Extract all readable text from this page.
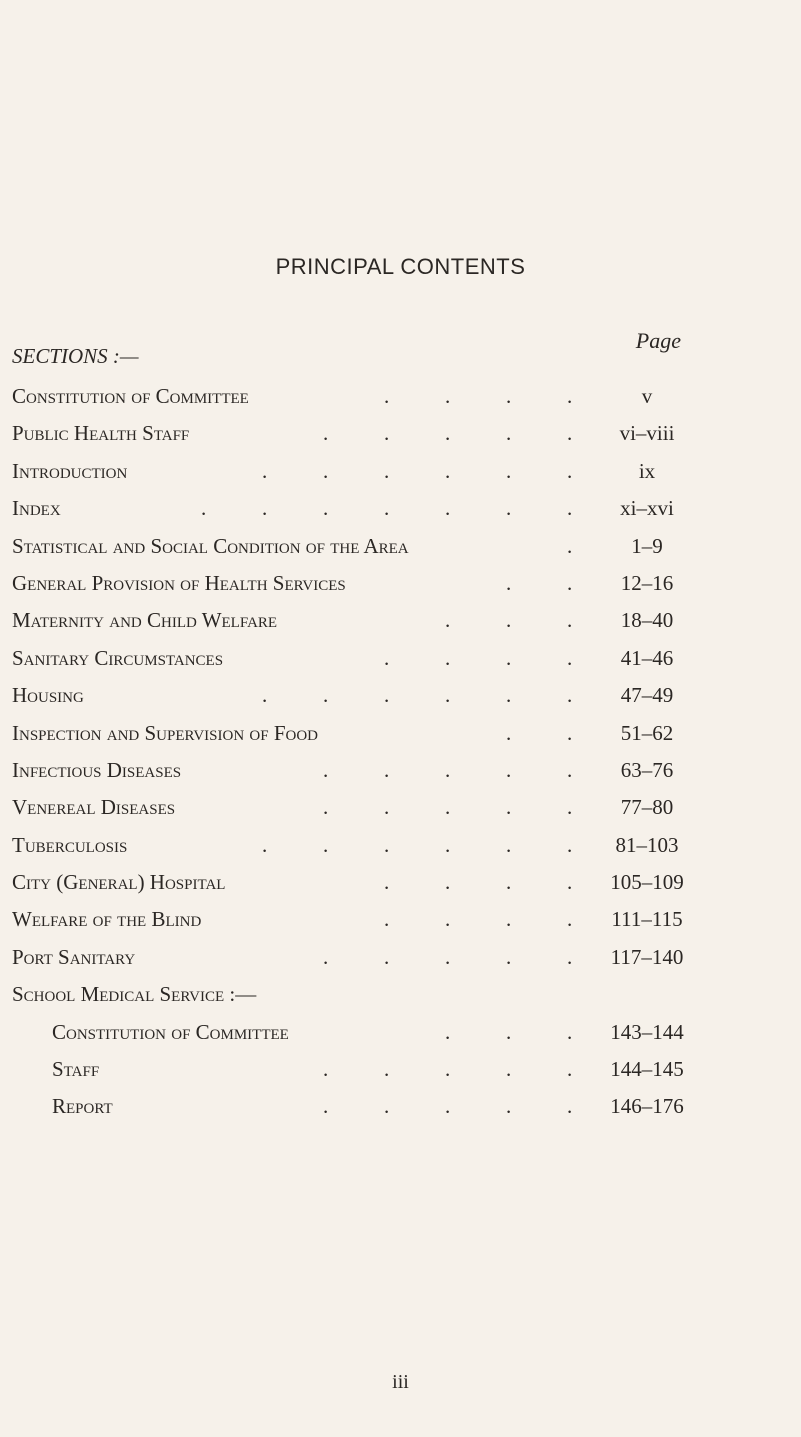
PRINCIPAL CONTENTS
SECTIONS :—
Page
Constitution of Committee	.	.	.	.	v
Public Health Staff	.	.	.	.	.	vi–viii
Introduction	.	.	.	.	.	.	ix
Index	.	.	.	.	.	.	.	xi–xvi
Statistical and Social Condition of the Area	.	1–9
General Provision of Health Services	.	.	12–16
Maternity and Child Welfare	.	.	.	18–40
Sanitary Circumstances	.	.	.	.	41–46
Housing	.	.	.	.	.	.	47–49
Inspection and Supervision of Food	.	.	51–62
Infectious Diseases	.	.	.	.	.	63–76
Venereal Diseases	.	.	.	.	.	77–80
Tuberculosis	.	.	.	.	.	.	81–103
City (General) Hospital	.	.	.	.	105–109
Welfare of the Blind	.	.	.	.	111–115
Port Sanitary	.	.	.	.	.	117–140
School Medical Service :—
Constitution of Committee	.	.	.	143–144
Staff	.	.	.	.	.	144–145
Report	.	.	.	.	.	146–176
iii
